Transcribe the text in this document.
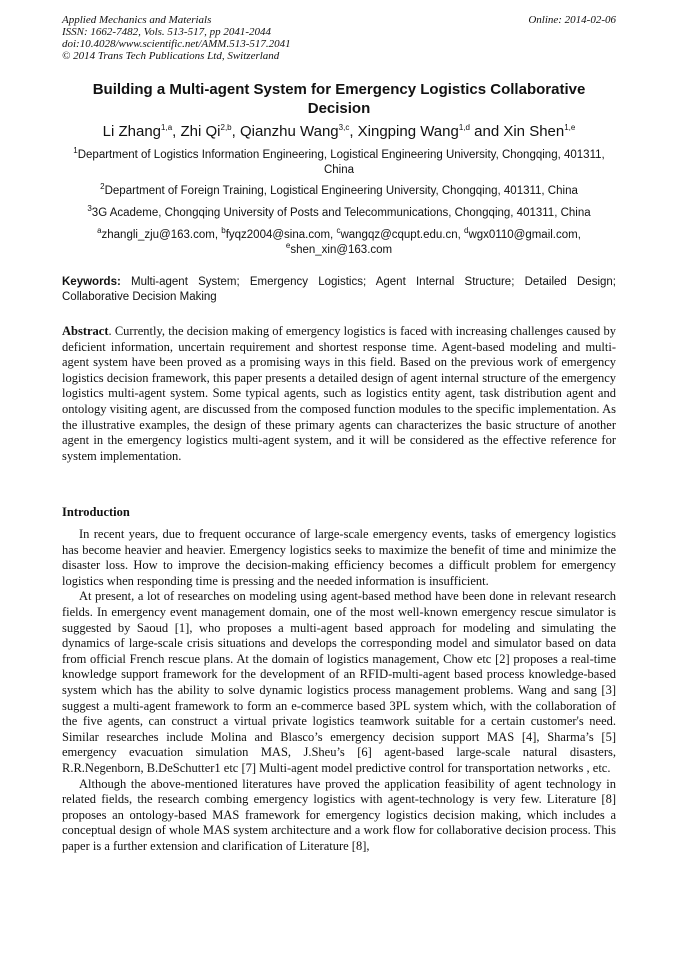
Applied Mechanics and Materials
ISSN: 1662-7482, Vols. 513-517, pp 2041-2044
doi:10.4028/www.scientific.net/AMM.513-517.2041
© 2014 Trans Tech Publications Ltd, Switzerland
Online: 2014-02-06
Building a Multi-agent System for Emergency Logistics Collaborative
Decision
Li Zhang$^{1,a}$, Zhi Qi$^{2,b}$, Qianzhu Wang$^{3,c}$, Xingping Wang$^{1,d}$ and Xin Shen$^{1,e}$
$^1$Department of Logistics Information Engineering, Logistical Engineering University, Chongqing, 401311, China
$^2$Department of Foreign Training, Logistical Engineering University, Chongqing, 401311, China
$^3$3G Academe, Chongqing University of Posts and Telecommunications, Chongqing, 401311, China
$^a$zhangli_zju@163.com, $^b$fyqz2004@sina.com, $^c$wangqz@cqupt.edu.cn, $^d$wgx0110@gmail.com,
$^e$shen_xin@163.com
Keywords: Multi-agent System; Emergency Logistics; Agent Internal Structure; Detailed Design; Collaborative Decision Making
Abstract. Currently, the decision making of emergency logistics is faced with increasing challenges caused by deficient information, uncertain requirement and shortest response time. Agent-based modeling and multi-agent system have been proved as a promising ways in this field. Based on the previous work of emergency logistics decision framework, this paper presents a detailed design of agent internal structure of the emergency logistics multi-agent system. Some typical agents, such as logistics entity agent, task distribution agent and ontology visiting agent, are discussed from the composed function modules to the specific implementation. As the illustrative examples, the design of these primary agents can characterizes the basic structure of another agent in the emergency logistics multi-agent system, and it will be considered as the effective reference for system implementation.
Introduction

In recent years, due to frequent occurance of large-scale emergency events, tasks of emergency logistics has become heavier and heavier. Emergency logistics seeks to maximize the benefit of time and minimize the disaster loss. How to improve the decision-making efficiency becomes a difficult problem for emergency logistics when responding time is pressing and the needed information is insufficient.

At present, a lot of researches on modeling using agent-based method have been done in relevant research fields. In emergency event management domain, one of the most well-known emergency rescue simulator is suggested by Saoud [1], who proposes a multi-agent based approach for modeling and simulating the dynamics of large-scale crisis situations and develops the corresponding model and simulator based on data from official French rescue plans. At the domain of logistics management, Chow etc [2] proposes a real-time knowledge support framework for the development of an RFID-multi-agent based process knowledge-based system which has the ability to solve dynamic logistics process management problems. Wang and sang [3] suggest a multi-agent framework to form an e-commerce based 3PL system which, with the collaboration of the five agents, can construct a virtual private logistics teamwork suitable for a certain customer's need. Similar researches include Molina and Blasco’s emergency decision support MAS [4], Sharma’s [5] emergency evacuation simulation MAS, J.Sheu’s [6] agent-based large-scale natural disasters, R.R.Negenborn, B.DeSchutter1 etc [7] Multi-agent model predictive control for transportation networks , etc.

Although the above-mentioned literatures have proved the application feasibility of agent technology in related fields, the research combing emergency logistics with agent-technology is very few. Literature [8] proposes an ontology-based MAS framework for emergency logistics decision making, which includes a conceptual design of whole MAS system architecture and a work flow for collaborative decision process. This paper is a further extension and clarification of Literature [8],
